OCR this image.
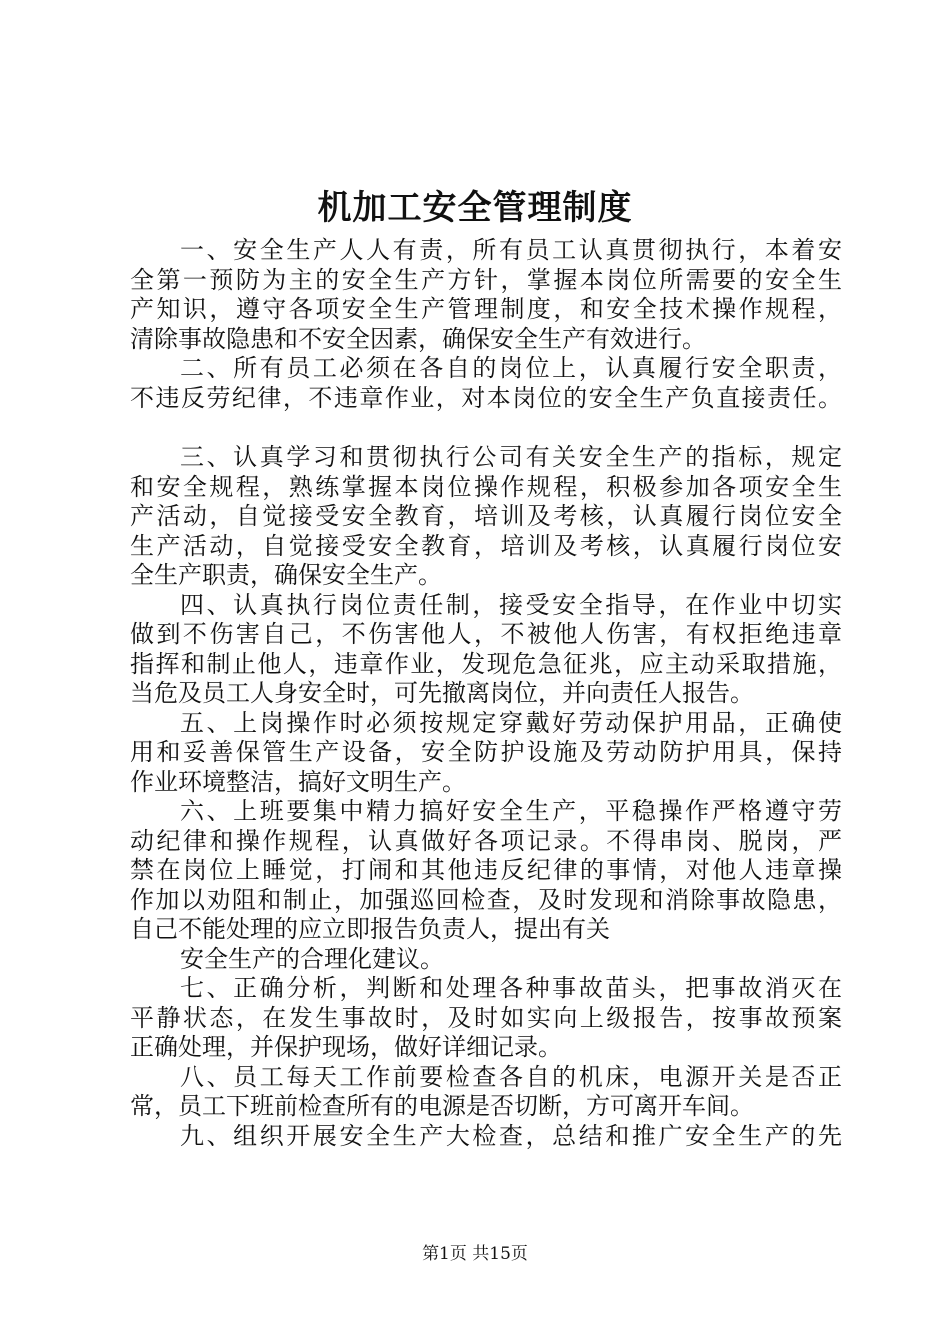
机加工安全管理制度
一、安全生产人人有责，所有员工认真贯彻执行，本着安
全第一预防为主的安全生产方针，掌握本岗位所需要的安全生
产知识，遵守各项安全生产管理制度，和安全技术操作规程，
清除事故隐患和不安全因素，确保安全生产有效进行。
二、所有员工必须在各自的岗位上，认真履行安全职责，
不违反劳纪律，不违章作业，对本岗位的安全生产负直接责任。
三、认真学习和贯彻执行公司有关安全生产的指标，规定
和安全规程，熟练掌握本岗位操作规程，积极参加各项安全生
产活动，自觉接受安全教育，培训及考核，认真履行岗位安全
生产活动，自觉接受安全教育，培训及考核，认真履行岗位安
全生产职责，确保安全生产。
四、认真执行岗位责任制，接受安全指导，在作业中切实
做到不伤害自己，不伤害他人，不被他人伤害，有权拒绝违章
指挥和制止他人，违章作业，发现危急征兆，应主动采取措施，
当危及员工人身安全时，可先撤离岗位，并向责任人报告。
五、上岗操作时必须按规定穿戴好劳动保护用品，正确使
用和妥善保管生产设备，安全防护设施及劳动防护用具，保持
作业环境整洁，搞好文明生产。
六、上班要集中精力搞好安全生产，平稳操作严格遵守劳
动纪律和操作规程，认真做好各项记录。不得串岗、脱岗，严
禁在岗位上睡觉，打闹和其他违反纪律的事情，对他人违章操
作加以劝阻和制止，加强巡回检查，及时发现和消除事故隐患，
自己不能处理的应立即报告负责人，提出有关
安全生产的合理化建议。
七、正确分析，判断和处理各种事故苗头，把事故消灭在
平静状态，在发生事故时，及时如实向上级报告，按事故预案
正确处理，并保护现场，做好详细记录。
八、员工每天工作前要检查各自的机床，电源开关是否正
常，员工下班前检查所有的电源是否切断，方可离开车间。
九、组织开展安全生产大检查，总结和推广安全生产的先
第1页 共15页
